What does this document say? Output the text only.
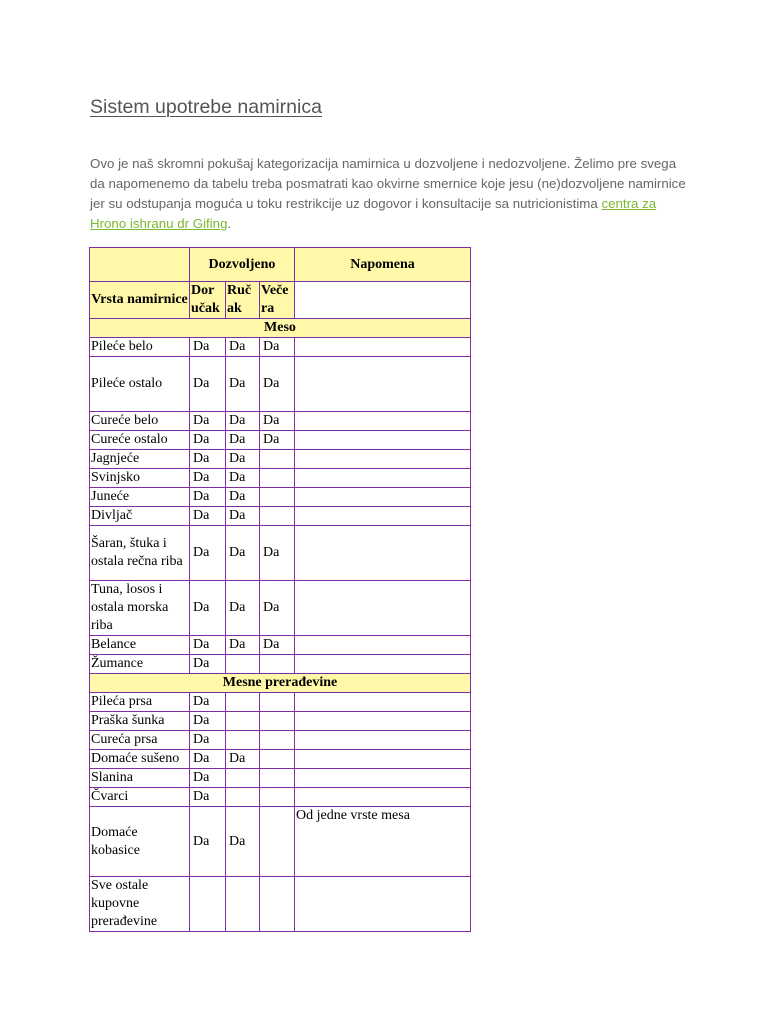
Sistem upotrebe namirnica
Ovo je naš skromni pokušaj kategorizacija namirnica u dozvoljene i nedozvoljene. Želimo pre svega da napomenemo da tabelu treba posmatrati kao okvirne smernice koje jesu (ne)dozvoljene namirnice jer su odstupanja moguća u toku restrikcije uz dogovor i konsultacije sa nutricionistima centra za Hrono ishranu dr Gifing.
	Dozvoljeno			Napomena
Vrsta namirnice	Dor učak	Ruč ak	Veče ra	
Meso				
Pileće belo	Da	Da	Da	
Pileće ostalo	Da	Da	Da	
Cureće belo	Da	Da	Da	
Cureće ostalo	Da	Da	Da	
Jagnjeće	Da	Da		
Svinjsko	Da	Da		
Juneće	Da	Da		
Divljač	Da	Da		
Šaran, štuka i ostala rečna riba	Da	Da	Da	
Tuna, losos i ostala morska riba	Da	Da	Da	
Belance	Da	Da	Da	
Žumance	Da			
Mesne prerađevine				
Pileća prsa	Da			
Praška šunka	Da			
Cureća prsa	Da			
Domaće sušeno	Da	Da		
Slanina	Da			
Čvarci	Da			
Domaće kobasice	Da	Da		Od jedne vrste mesa
Sve ostale kupovne prerađevine				
